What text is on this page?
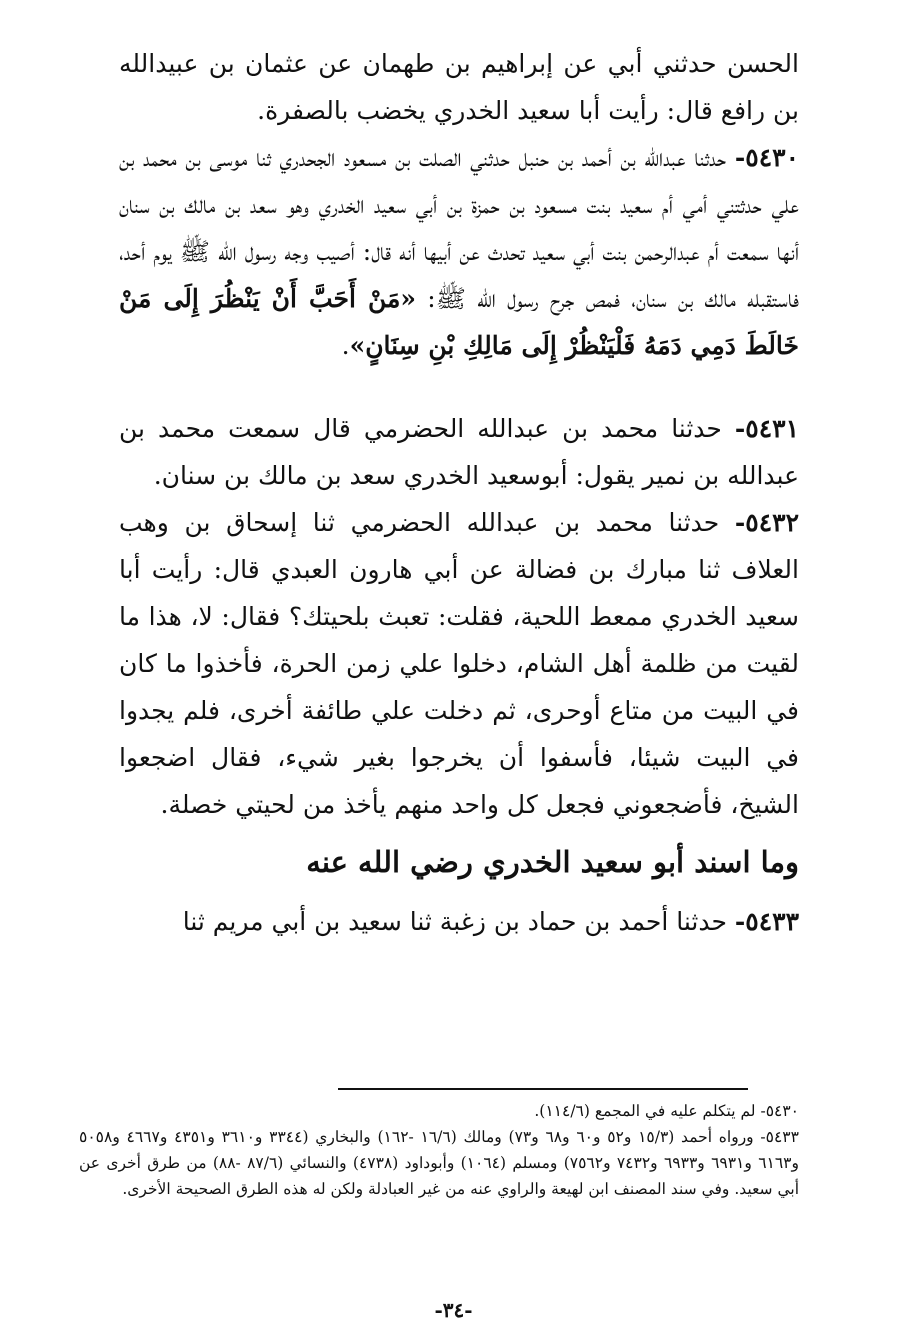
الحسن حدثني أبي عن إبراهيم بن طهمان عن عثمان بن عبيدالله بن رافع قال: رأيت أبا سعيد الخدري يخضب بالصفرة.

٥٤٣٠- حدثنا عبدالله بن أحمد بن حنبل حدثني الصلت بن مسعود الجحدري ثنا موسى بن محمد بن علي حدثتني أمي أم سعيد بنت مسعود بن حمزة بن أبي سعيد الخدري وهو سعد بن مالك بن سنان أنها سمعت أم عبدالرحمن بنت أبي سعيد تحدث عن أبيها أنه قال: أصيب وجه رسول الله ﷺ يوم أحد، فاستقبله مالك بن سنان، فمص جرح رسول الله ﷺ: «مَنْ أَحَبَّ أَنْ يَنْظُرَ إِلَى مَنْ خَالَطَ دَمِي دَمَهُ فَلْيَنْظُرْ إِلَى مَالِكِ بْنِ سِنَانٍ».

٥٤٣١- حدثنا محمد بن عبدالله الحضرمي قال سمعت محمد بن عبدالله بن نمير يقول: أبوسعيد الخدري سعد بن مالك بن سنان.

٥٤٣٢- حدثنا محمد بن عبدالله الحضرمي ثنا إسحاق بن وهب العلاف ثنا مبارك بن فضالة عن أبي هارون العبدي قال: رأيت أبا سعيد الخدري ممعط اللحية، فقلت: تعبث بلحيتك؟ فقال: لا، هذا ما لقيت من ظلمة أهل الشام، دخلوا علي زمن الحرة، فأخذوا ما كان في البيت من متاع أوحرى، ثم دخلت علي طائفة أخرى، فلم يجدوا في البيت شيئا، فأسفوا أن يخرجوا بغير شيء، فقال اضجعوا الشيخ، فأضجعوني فجعل كل واحد منهم يأخذ من لحيتي خصلة.

وما اسند أبو سعيد الخدري رضي الله عنه

٥٤٣٣- حدثنا أحمد بن حماد بن زغبة ثنا سعيد بن أبي مريم ثنا

٥٤٣٠- لم يتكلم عليه في المجمع (١١٤/٦).

٥٤٣٣- ورواه أحمد (١٥/٣ و٥٢ و٦٠ و٦٨ و٧٣) ومالك (١٦/٦ -١٦٢) والبخاري (٣٣٤٤ و٣٦١٠ و٤٣٥١ و٤٦٦٧ و٥٠٥٨ و٦١٦٣ و٦٩٣١ و٦٩٣٣ و٧٤٣٢ و٧٥٦٢) ومسلم (١٠٦٤) وأبوداود (٤٧٣٨) والنسائي (٨٧/٦ -٨٨) من طرق أخرى عن أبي سعيد. وفي سند المصنف ابن لهيعة والراوي عنه من غير العبادلة ولكن له هذه الطرق الصحيحة الأخرى.

-٣٤-
